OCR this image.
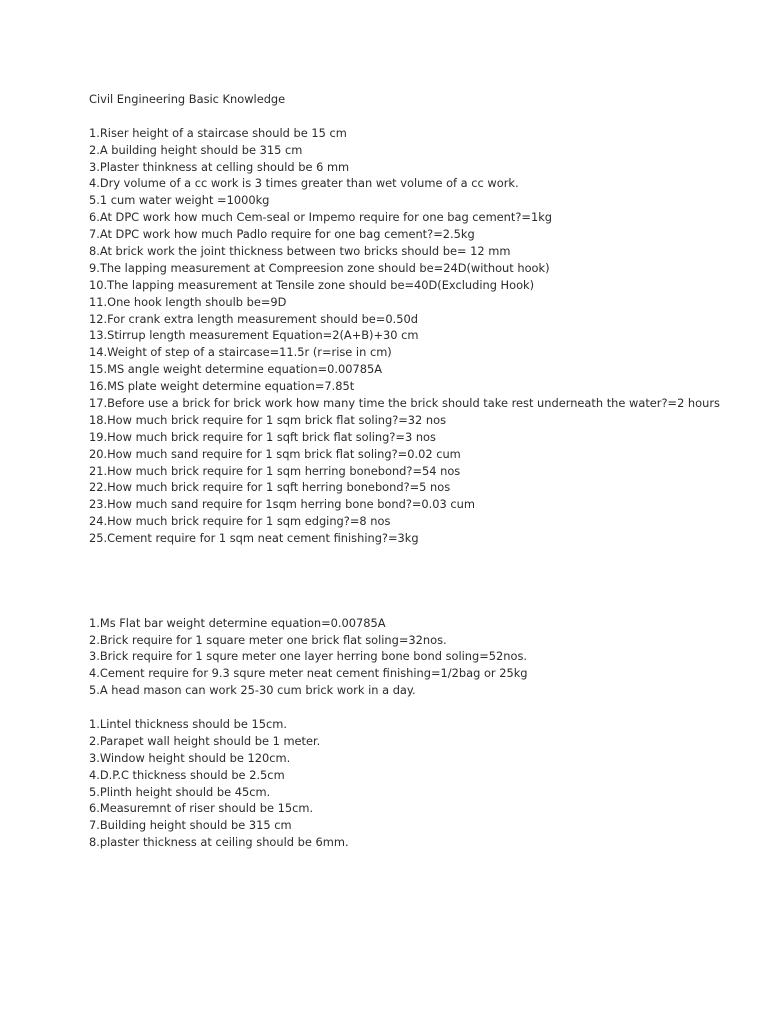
Civil Engineering Basic Knowledge
1.Riser height of a staircase should be 15 cm
2.A building height should be 315 cm
3.Plaster thinkness at celling should be 6 mm
4.Dry volume of a cc work is 3 times greater than wet volume of a cc work.
5.1 cum water weight =1000kg
6.At DPC work how much Cem-seal or Impemo require for one bag cement?=1kg
7.At DPC work how much Padlo require for one bag cement?=2.5kg
8.At brick work the joint thickness between two bricks should be= 12 mm
9.The lapping measurement at Compreesion zone should be=24D(without hook)
10.The lapping measurement at Tensile zone should be=40D(Excluding Hook)
11.One hook length shoulb be=9D
12.For crank extra length measurement should be=0.50d
13.Stirrup length measurement Equation=2(A+B)+30 cm
14.Weight of step of a staircase=11.5r (r=rise in cm)
15.MS angle weight determine equation=0.00785A
16.MS plate weight determine equation=7.85t
17.Before use a brick for brick work how many time the brick should take rest underneath the water?=2 hours
18.How much brick require for 1 sqm brick flat soling?=32 nos
19.How much brick require for 1 sqft brick flat soling?=3 nos
20.How much sand require for 1 sqm brick flat soling?=0.02 cum
21.How much brick require for 1 sqm herring bonebond?=54 nos
22.How much brick require for 1 sqft herring bonebond?=5 nos
23.How much sand require for 1sqm herring bone bond?=0.03 cum
24.How much brick require for 1 sqm edging?=8 nos
25.Cement require for 1 sqm neat cement finishing?=3kg
1.Ms Flat bar weight determine equation=0.00785A
2.Brick require for 1 square meter one brick flat soling=32nos.
3.Brick require for 1 squre meter one layer herring bone bond soling=52nos.
4.Cement require for 9.3 squre meter neat cement finishing=1/2bag or 25kg
5.A head mason can work 25-30 cum brick work in a day.
1.Lintel thickness should be 15cm.
2.Parapet wall height should be 1 meter.
3.Window height should be 120cm.
4.D.P.C thickness should be 2.5cm
5.Plinth height should be 45cm.
6.Measuremnt of riser should be 15cm.
7.Building height should be 315 cm
8.plaster thickness at ceiling should be 6mm.
